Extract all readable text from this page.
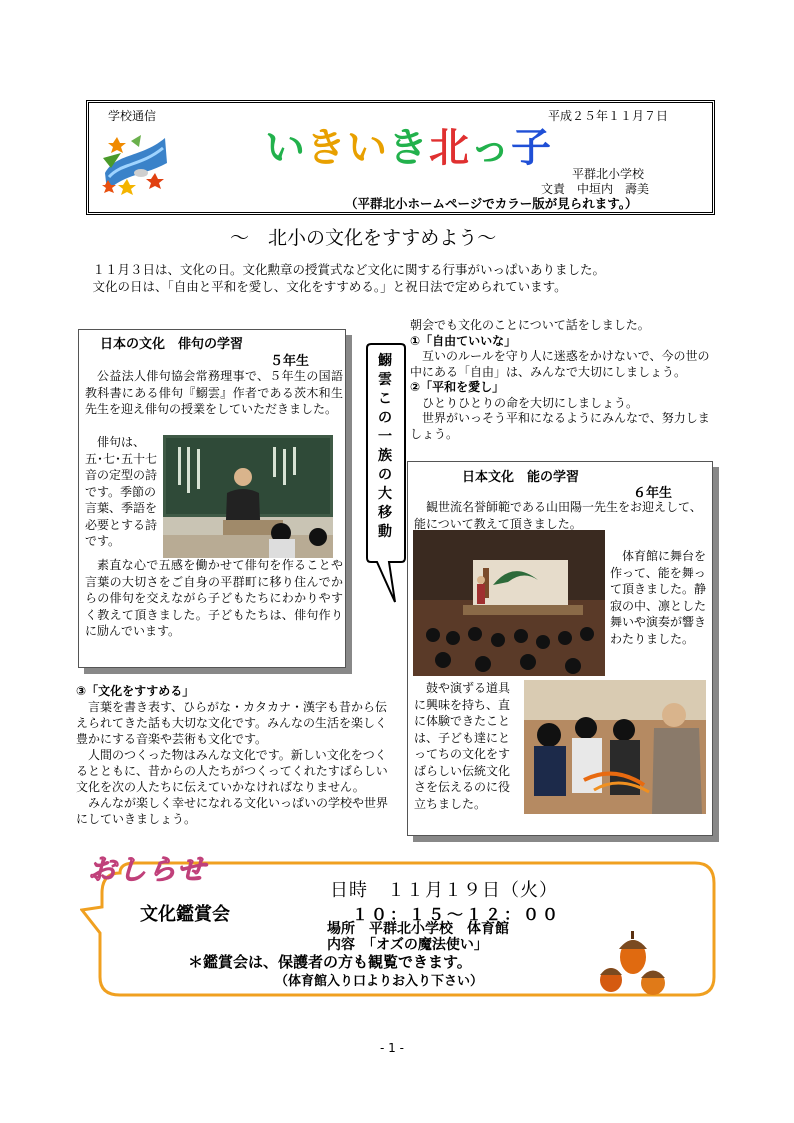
学校通信	平成２５年１１月７日
いきいき北っ子
平群北小学校
文責　中垣内　壽美
（平群北小ホームページでカラー版が見られます。）
～　北小の文化をすすめよう～

１１月３日は、文化の日。文化勲章の授賞式など文化に関する行事がいっぱいありました。

文化の日は、「自由と平和を愛し、文化をすすめる。」と祝日法で定められています。

日本の文化　俳句の学習
５年生
公益法人俳句協会常務理事で、５年生の国語教科書にある俳句『鰯雲』作者である茨木和生先生を迎え俳句の授業をしていただきました。
俳句は、五･七･五十七音の定型の詩です。季節の言葉、季語を必要とする詩です。
素直な心で五感を働かせて俳句を作ることや言葉の大切さをご自身の平群町に移り住んでからの俳句を交えながら子どもたちにわかりやすく教えて頂きました。子どもたちは、俳句作りに励んでいます。
鰯
雲
こ
の
一
族
の
大
移
動

朝会でも文化のことについて話をしました。

①「自由ていいな」

互いのルールを守り人に迷惑をかけないで、今の世の中にある「自由」は、みんなで大切にしましょう。

②「平和を愛し」

ひとりひとりの命を大切にしましょう。

世界がいっそう平和になるようにみんなで、努力しましょう。

日本文化　能の学習
６年生
観世流名誉師範である山田陽一先生をお迎えして、能について教えて頂きました。
体育館に舞台を作って、能を舞って頂きました。静寂の中、凛とした舞いや演奏が響きわたりました。
鼓や演ずる道具に興味を持ち、直に体験できたことは、子ども達にとってちの文化をすばらしい伝統文化さを伝えるのに役立ちました。
③「文化をすすめる」

言葉を書き表す、ひらがな・カタカナ・漢字も昔から伝えられてきた話も大切な文化です。みんなの生活を楽しく豊かにする音楽や芸術も文化です。

人間のつくった物はみんな文化です。新しい文化をつくるとともに、昔からの人たちがつくってくれたすばらしい文化を次の人たちに伝えていかなければなりません。

みんなが楽しく幸せになれる文化いっぱいの学校や世界にしていきましょう。

おしらせ
文化鑑賞会
日時　１１月１９日（火）
１０：１５～１２：００
場所　平群北小学校　体育館
内容　「オズの魔法使い」
＊鑑賞会は、保護者の方も観覧できます。
（体育館入り口よりお入り下さい）
- 1 -
